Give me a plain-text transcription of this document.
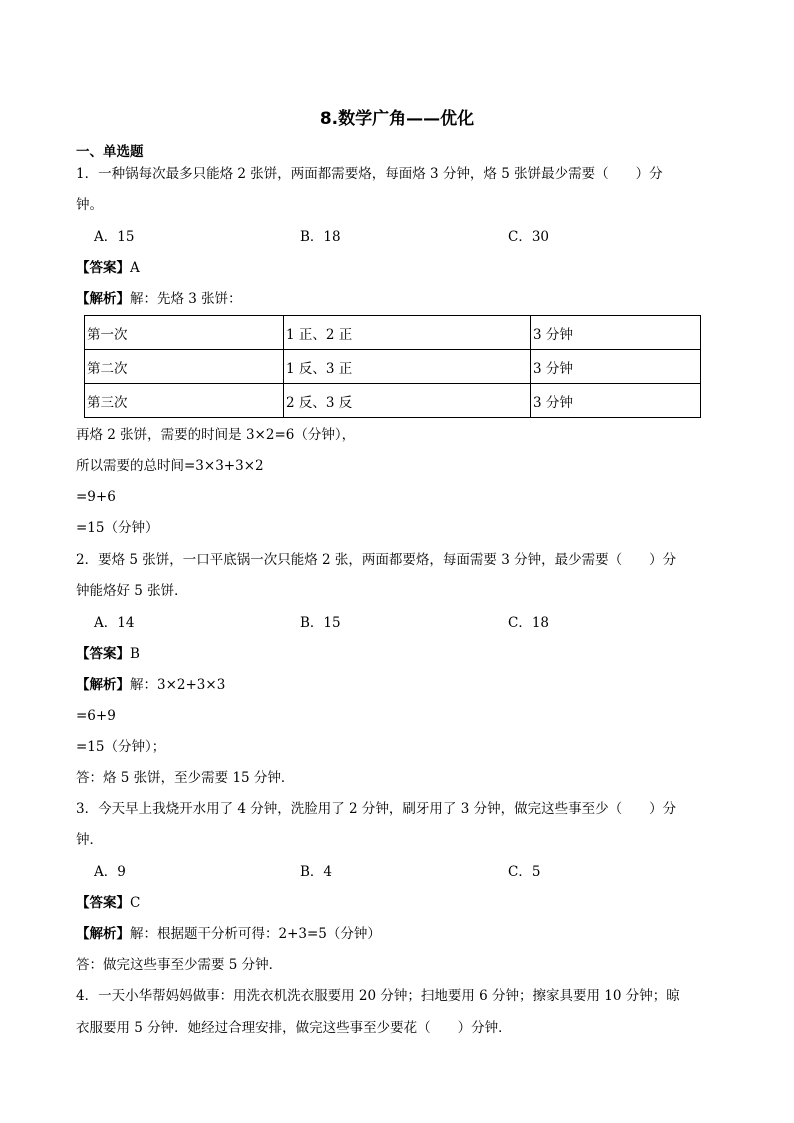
8.数学广角——优化
一、单选题
1．一种锅每次最多只能烙 2 张饼，两面都需要烙，每面烙 3 分钟，烙 5 张饼最少需要（　　）分
钟。
A．15	B．18	C．30
【答案】A
【解析】解：先烙 3 张饼：
第一次	1 正、2 正	3 分钟
第二次	1 反、3 正	3 分钟
第三次	2 反、3 反	3 分钟
再烙 2 张饼，需要的时间是 3×2=6（分钟），
所以需要的总时间=3×3+3×2
=9+6
=15（分钟）
2．要烙 5 张饼，一口平底锅一次只能烙 2 张，两面都要烙，每面需要 3 分钟，最少需要（　　）分
钟能烙好 5 张饼．
A．14	B．15	C．18
【答案】B
【解析】解：3×2+3×3
=6+9
=15（分钟）；
答：烙 5 张饼，至少需要 15 分钟．
3．今天早上我烧开水用了 4 分钟，洗脸用了 2 分钟，刷牙用了 3 分钟，做完这些事至少（　　）分
钟．
A．9	B．4	C．5
【答案】C
【解析】解：根据题干分析可得：2+3=5（分钟）
答：做完这些事至少需要 5 分钟．
4．一天小华帮妈妈做事：用洗衣机洗衣服要用 20 分钟；扫地要用 6 分钟；擦家具要用 10 分钟；晾
衣服要用 5 分钟．她经过合理安排，做完这些事至少要花（　　）分钟．
